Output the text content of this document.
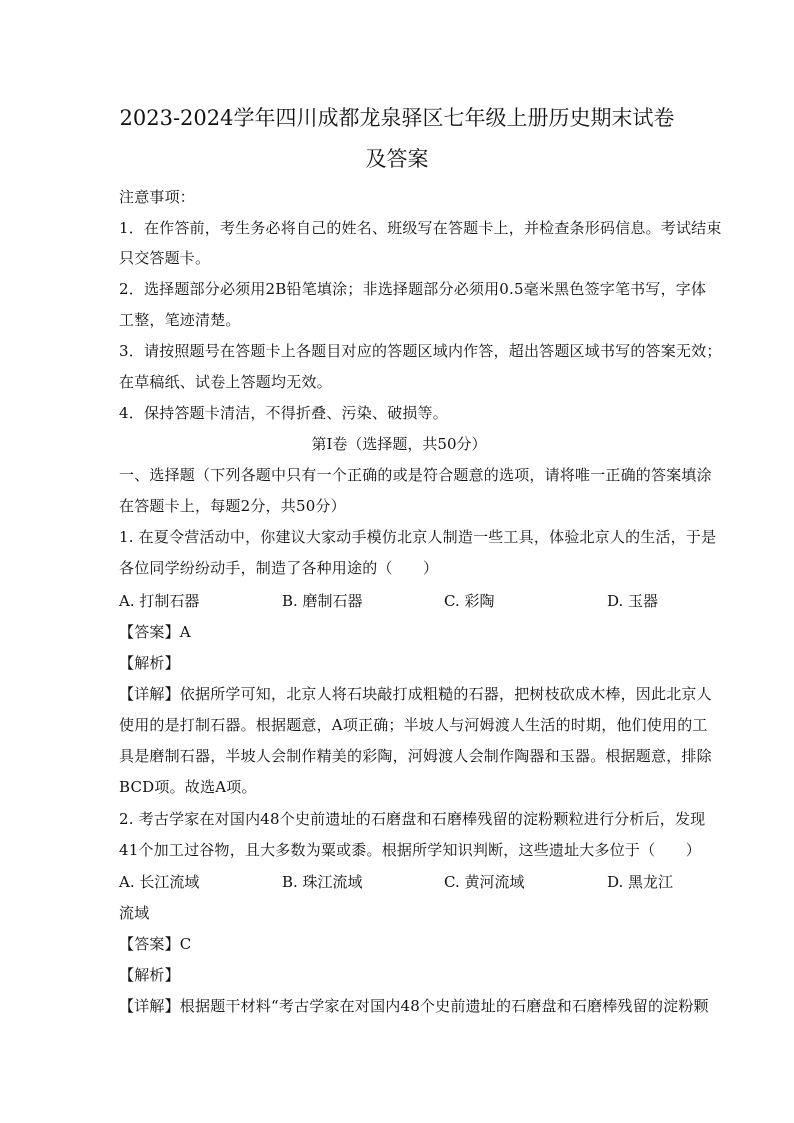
2023-2024学年四川成都龙泉驿区七年级上册历史期末试卷
及答案
注意事项：
1．在作答前，考生务必将自己的姓名、班级写在答题卡上，并检查条形码信息。考试结束
只交答题卡。
2．选择题部分必须用2B铅笔填涂；非选择题部分必须用0.5毫米黑色签字笔书写，字体
工整，笔迹清楚。
3．请按照题号在答题卡上各题目对应的答题区域内作答，超出答题区域书写的答案无效；
在草稿纸、试卷上答题均无效。
4．保持答题卡清洁，不得折叠、污染、破损等。
第Ⅰ卷（选择题，共50分）
一、选择题（下列各题中只有一个正确的或是符合题意的选项，请将唯一正确的答案填涂
在答题卡上，每题2分，共50分）
1. 在夏令营活动中，你建议大家动手模仿北京人制造一些工具，体验北京人的生活，于是
各位同学纷纷动手，制造了各种用途的（　　）
A. 打制石器	B. 磨制石器	C. 彩陶	D. 玉器
【答案】A
【解析】
【详解】依据所学可知，北京人将石块敲打成粗糙的石器，把树枝砍成木棒，因此北京人
使用的是打制石器。根据题意，A项正确；半坡人与河姆渡人生活的时期，他们使用的工
具是磨制石器，半坡人会制作精美的彩陶，河姆渡人会制作陶器和玉器。根据题意，排除
BCD项。故选A项。
2. 考古学家在对国内48个史前遗址的石磨盘和石磨棒残留的淀粉颗粒进行分析后，发现
41个加工过谷物，且大多数为粟或黍。根据所学知识判断，这些遗址大多位于（　　）
A. 长江流域	B. 珠江流域	C. 黄河流域	D. 黑龙江
流域
【答案】C
【解析】
【详解】根据题干材料“考古学家在对国内48个史前遗址的石磨盘和石磨棒残留的淀粉颗
